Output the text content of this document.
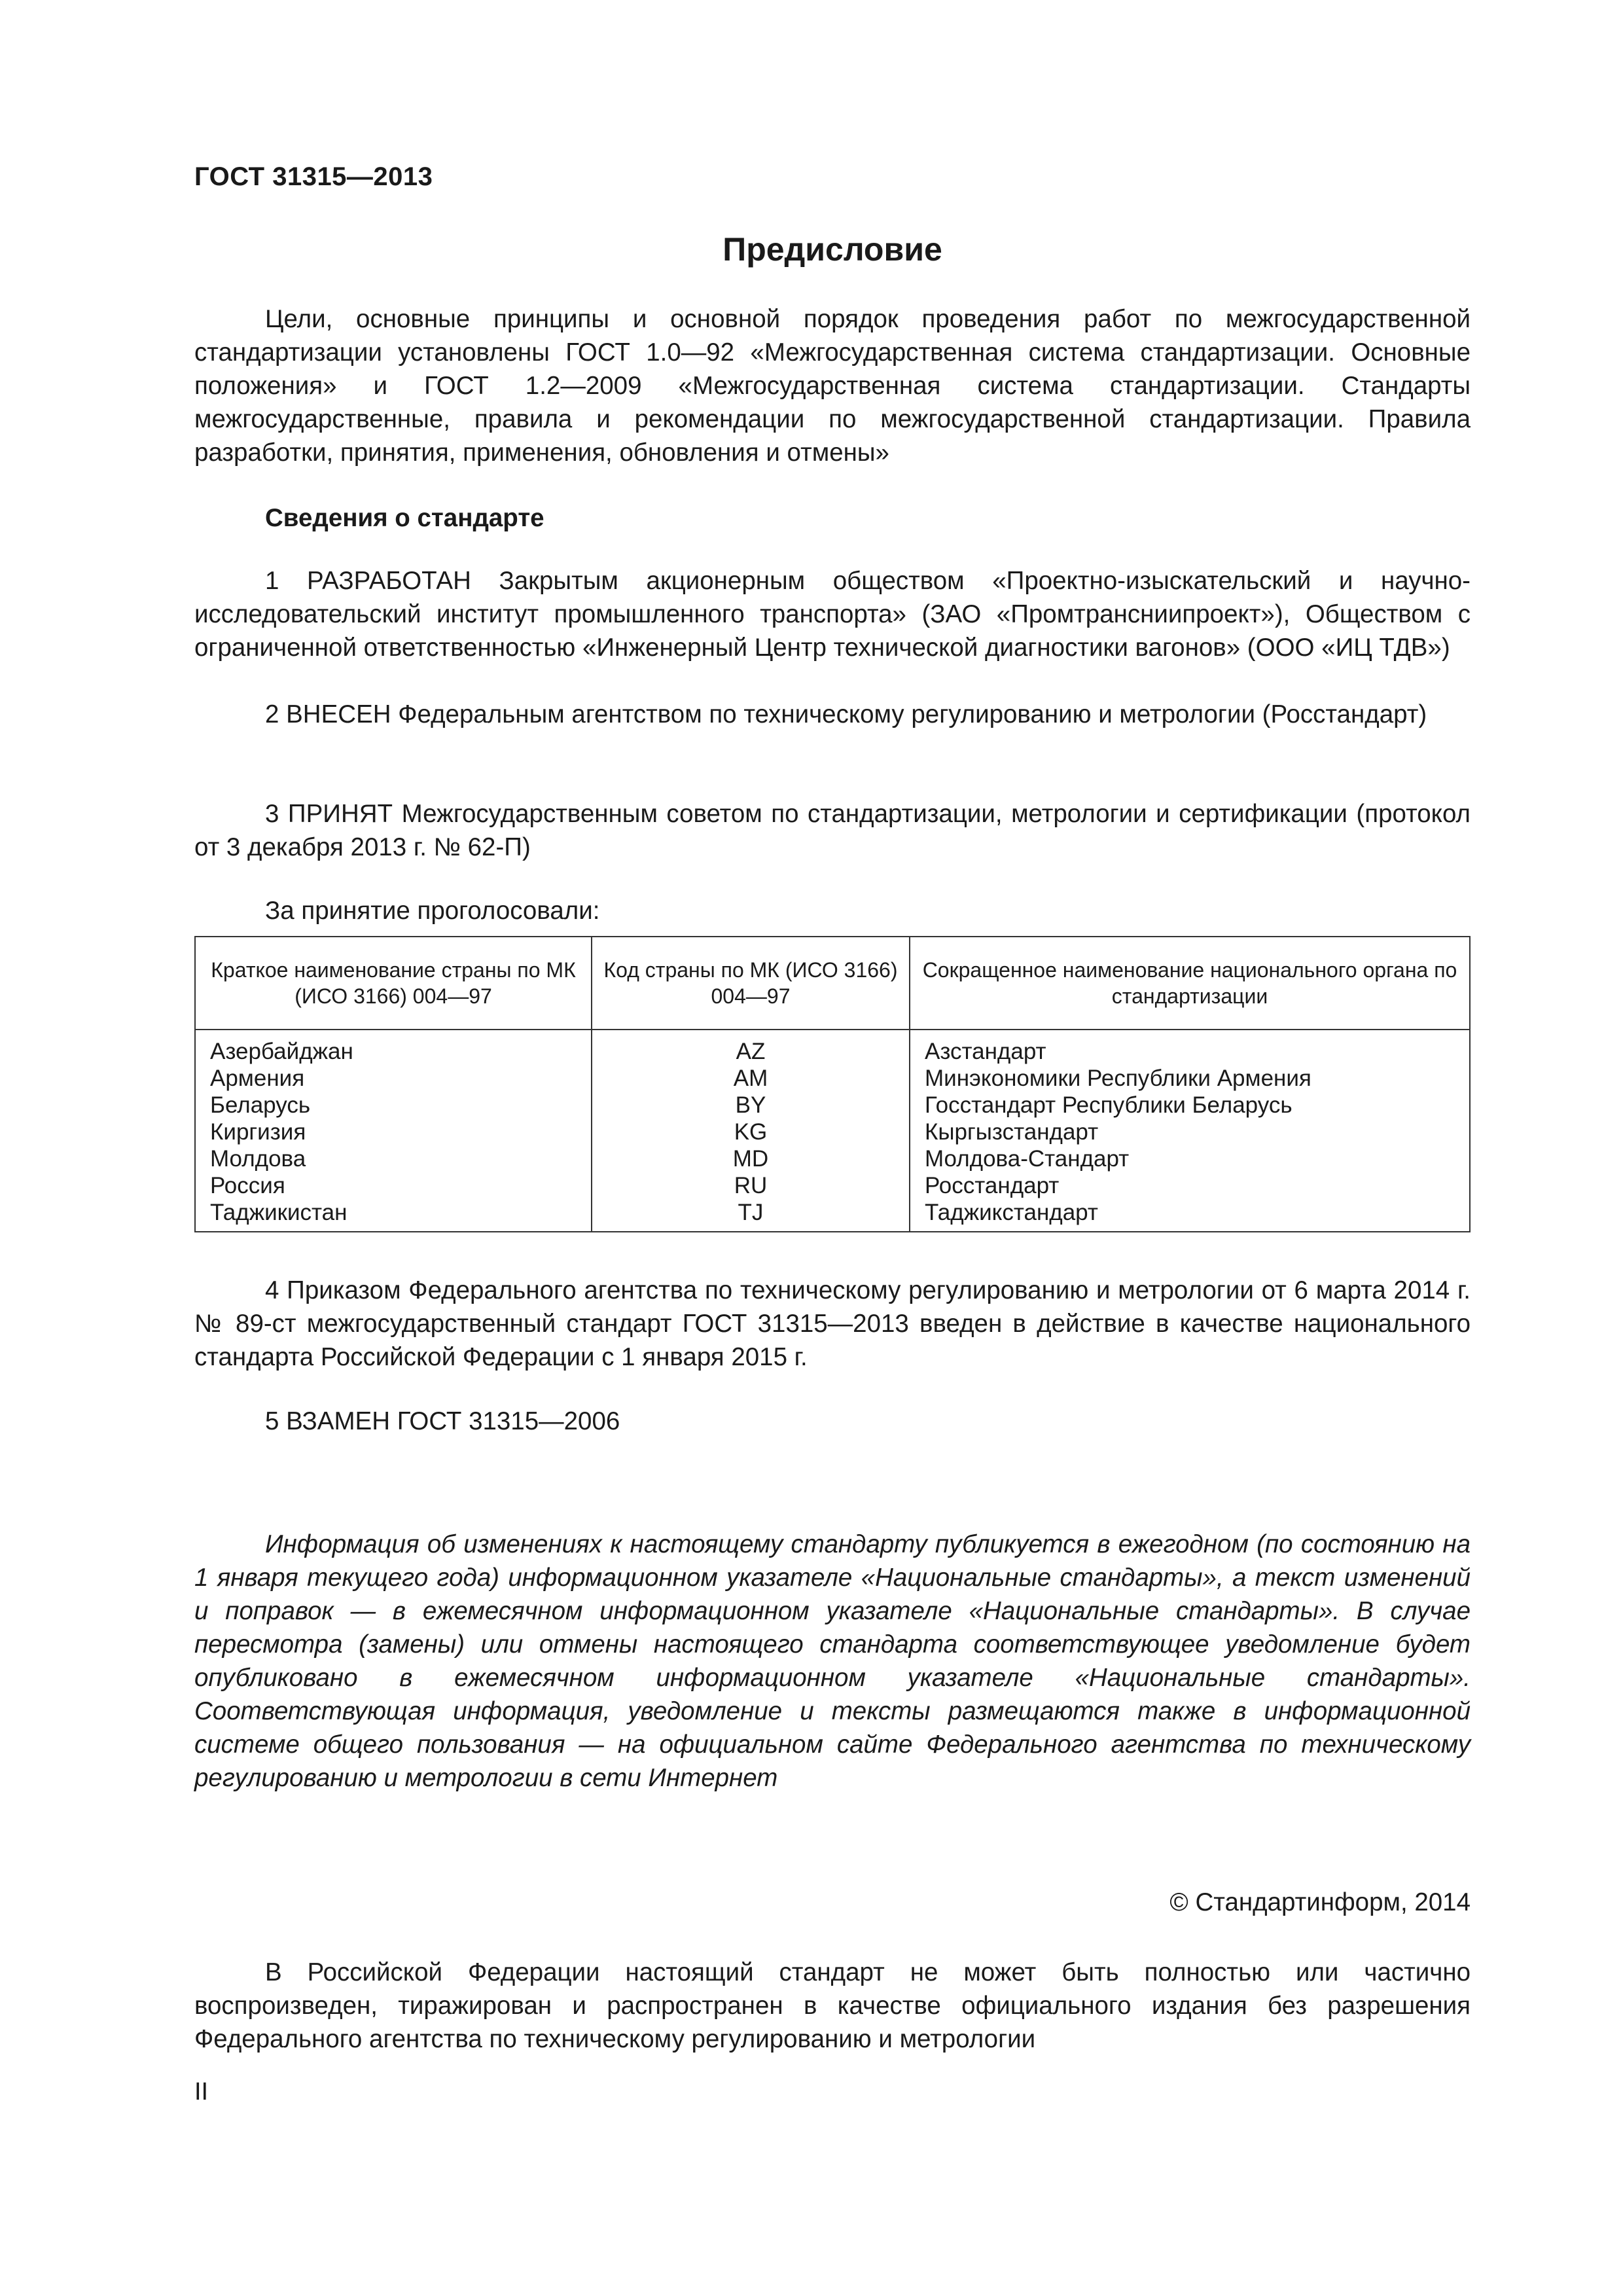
ГОСТ 31315—2013
Предисловие

Цели, основные принципы и основной порядок проведения работ по межгосударственной стандартизации установлены ГОСТ 1.0—92 «Межгосударственная система стандартизации. Основные положения» и ГОСТ 1.2—2009 «Межгосударственная система стандартизации. Стандарты межгосударственные, правила и рекомендации по межгосударственной стандартизации. Правила разработки, принятия, применения, обновления и отмены»

Сведения о стандарте

1 РАЗРАБОТАН Закрытым акционерным обществом «Проектно-изыскательский и научно-исследовательский институт промышленного транспорта» (ЗАО «Промтрансниипроект»), Обществом с ограниченной ответственностью «Инженерный Центр технической диагностики вагонов» (ООО «ИЦ ТДВ»)

2 ВНЕСЕН Федеральным агентством по техническому регулированию и метрологии (Росстандарт)

3 ПРИНЯТ Межгосударственным советом по стандартизации, метрологии и сертификации (протокол от 3 декабря 2013 г. № 62-П)

За принятие проголосовали:
Краткое наименование страны по МК (ИСО 3166) 004—97	Код страны по МК (ИСО 3166) 004—97	Сокращенное наименование национального органа по стандартизации
Азербайджан	AZ	Азстандарт
Армения	AM	Минэкономики Республики Армения
Беларусь	BY	Госстандарт Республики Беларусь
Киргизия	KG	Кыргызстандарт
Молдова	MD	Молдова-Стандарт
Россия	RU	Росстандарт
Таджикистан	TJ	Таджикстандарт

4 Приказом Федерального агентства по техническому регулированию и метрологии от 6 марта 2014 г. № 89-ст межгосударственный стандарт ГОСТ 31315—2013 введен в действие в качестве национального стандарта Российской Федерации с 1 января 2015 г.

5 ВЗАМЕН ГОСТ 31315—2006

Информация об изменениях к настоящему стандарту публикуется в ежегодном (по состоянию на 1 января текущего года) информационном указателе «Национальные стандарты», а текст изменений и поправок — в ежемесячном информационном указателе «Национальные стандарты». В случае пересмотра (замены) или отмены настоящего стандарта соответствующее уведомление будет опубликовано в ежемесячном информационном указателе «Национальные стандарты». Соответствующая информация, уведомление и тексты размещаются также в информационной системе общего пользования — на официальном сайте Федерального агентства по техническому регулированию и метрологии в сети Интернет

© Стандартинформ, 2014

В Российской Федерации настоящий стандарт не может быть полностью или частично воспроизведен, тиражирован и распространен в качестве официального издания без разрешения Федерального агентства по техническому регулированию и метрологии

II
